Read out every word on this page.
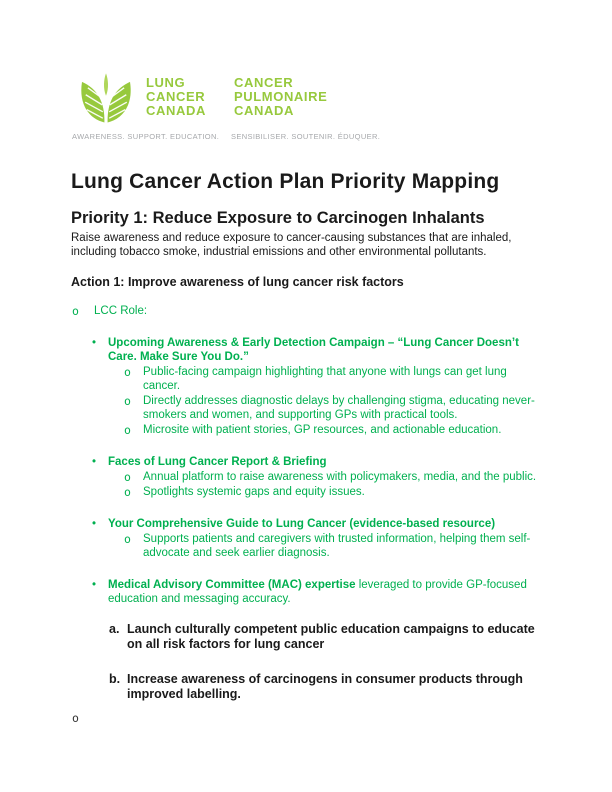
LUNG
CANCER
CANADA
CANCER
PULMONAIRE
CANADA
AWARENESS. SUPPORT. EDUCATION. SENSIBILISER. SOUTENIR. ÉDUQUER.
Lung Cancer Action Plan Priority Mapping
Priority 1: Reduce Exposure to Carcinogen Inhalants

Raise awareness and reduce exposure to cancer-causing substances that are inhaled, including tobacco smoke, industrial emissions and other environmental pollutants.

Action 1: Improve awareness of lung cancer risk factors
o	LCC Role:
•	Upcoming Awareness & Early Detection Campaign – “Lung Cancer Doesn’t Care. Make Sure You Do.”
o	Public-facing campaign highlighting that anyone with lungs can get lung cancer.
o	Directly addresses diagnostic delays by challenging stigma, educating never-smokers and women, and supporting GPs with practical tools.
o	Microsite with patient stories, GP resources, and actionable education.
•	Faces of Lung Cancer Report & Briefing
o	Annual platform to raise awareness with policymakers, media, and the public.
o	Spotlights systemic gaps and equity issues.
•	Your Comprehensive Guide to Lung Cancer (evidence-based resource)
o	Supports patients and caregivers with trusted information, helping them self-advocate and seek earlier diagnosis.
•	Medical Advisory Committee (MAC) expertise leveraged to provide GP-focused education and messaging accuracy.
a. Launch culturally competent public education campaigns to educate on all risk factors for lung cancer
b. Increase awareness of carcinogens in consumer products through improved labelling.
o
